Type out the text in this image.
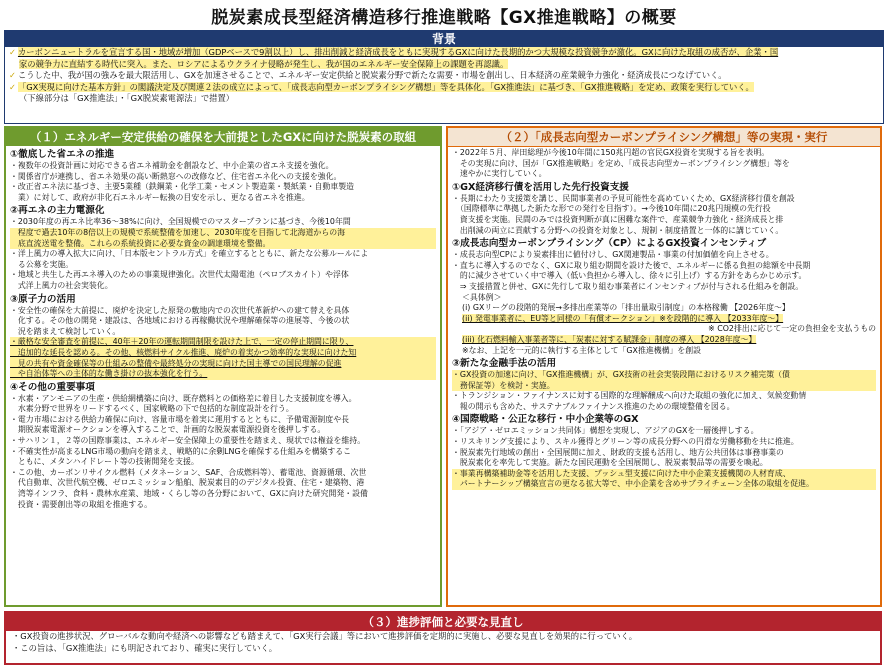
脱炭素成長型経済構造移行推進戦略【GX推進戦略】の概要
背景
✓ カーボンニュートラルを宣言する国・地域が増加（GDPベースで9割以上）し、排出削減と経済成長をともに実現するGXに向けた長期的かつ大規模な投資競争が激化。GXに向けた取組の成否が、企業・国
家の競争力に直結する時代に突入。また、ロシアによるウクライナ侵略が発生し、我が国のエネルギー安全保障上の課題を再認識。
✓ こうした中、我が国の強みを最大限活用し、GXを加速させることで、エネルギー安定供給と脱炭素分野で新たな需要・市場を創出し、日本経済の産業競争力強化・経済成長につなげていく。
✓ 「GX実現に向けた基本方針」の閣議決定及び関連２法の成立によって、「成長志向型カーボンプライシング構想」等を具体化。「GX推進法」に基づき、「GX推進戦略」を定め、政策を実行していく。
（下線部分は「GX推進法」・「GX脱炭素電源法」で措置）
（１）エネルギー安定供給の確保を大前提としたGXに向けた脱炭素の取組
①徹底した省エネの推進
・複数年の投資計画に対応できる省エネ補助金を創設など、中小企業の省エネ支援を強化。
・関係省庁が連携し、省エネ効果の高い断熱窓への改修など、住宅省エネ化への支援を強化。
・改正省エネ法に基づき、主要5業種（鉄鋼業・化学工業・セメント製造業・製紙業・自動車製造
　業）に対して、政府が非化石エネルギー転換の目安を示し、更なる省エネを推進。
②再エネの主力電源化
・2030年度の再エネ比率36～38%に向け、全国規模でのマスタープランに基づき、今後10年間
　程度で過去10年の8倍以上の規模で系統整備を加速し、2030年度を目指して北海道からの海
　底直流送電を整備。これらの系統投資に必要な資金の調達環境を整備。
・洋上風力の導入拡大に向け、「日本版セントラル方式」を確立するとともに、新たな公募ルールによ
　る公募を実施。
・地域と共生した再エネ導入のための事業規律強化。次世代太陽電池（ペロブスカイト）や浮体
　式洋上風力の社会実装化。
③原子力の活用
・安全性の確保を大前提に、廃炉を決定した原発の敷地内での次世代革新炉への建て替えを具体
　化する。その他の開発・建設は、各地域における再稼働状況や理解確保等の進展等、今後の状
　況を踏まえて検討していく。
・厳格な安全審査を前提に、40年＋20年の運転期間制限を設けた上で、一定の停止期間に限り、
　追加的な延長を認める。その他、核燃料サイクル推進、廃炉の着実かつ効率的な実現に向けた知
　見の共有や資金確保等の仕組みの整備や最終処分の実現に向けた国主導での国民理解の促進
　や自治体等への主体的な働き掛けの抜本強化を行う。
④その他の重要事項
・水素・アンモニアの生産・供給網構築に向け、既存燃料との価格差に着目した支援制度を導入。
　水素分野で世界をリードするべく、国家戦略の下で包括的な制度設計を行う。
・電力市場における供給力確保に向け、容量市場を着実に運用するとともに、予備電源制度や長
　期脱炭素電源オークションを導入することで、計画的な脱炭素電源投資を後押しする。
・サハリン１，２等の国際事業は、エネルギー安全保障上の重要性を踏まえ、現状では権益を維持。
・不確実性が高まるLNG市場の動向を踏まえ、戦略的に余剰LNGを確保する仕組みを構築するこ
　ともに、メタンハイドレート等の技術開発を支援。
・この他、カーボンリサイクル燃料（メタネーション、SAF、合成燃料等）、蓄電池、資源循環、次世
　代自動車、次世代航空機、ゼロエミッション船舶、脱炭素目的のデジタル投資、住宅・建築物、港
　湾等インフラ、食料・農林水産業、地域・くらし等の各分野において、GXに向けた研究開発・設備
　投資・需要創出等の取組を推進する。
（２）「成長志向型カーボンプライシング構想」等の実現・実行
・2022年５月、岸田総理が今後10年間に150兆円超の官民GX投資を実現する旨を表明。
　その実現に向け、国が「GX推進戦略」を定め、「成長志向型カーボンプライシング構想」等を
　速やかに実行していく。
①GX経済移行債を活用した先行投資支援
・長期にわたり支援策を講じ、民間事業者の予見可能性を高めていくため、GX経済移行債を創設
　（国際標準に準拠した新たな形での発行を目指す）。→今後10年間に20兆円規模の先行投
　資支援を実施。民間のみでは投資判断が真に困難な案件で、産業競争力強化・経済成長と排
　出削減の両立に貢献する分野への投資を対象とし、規制・制度措置と一体的に講じていく。
②成長志向型カーボンプライシング（CP）によるGX投資インセンティブ
・成長志向型CPにより炭素排出に値付けし、GX関連製品・事業の付加価値を向上させる。
・直ちに導入するのでなく、GXに取り組む期間を設けた後で、エネルギーに係る負担の総額を中長期
　的に減少させていく中で導入（低い負担から導入し、徐々に引上げ）する方針をあらかじめ示す。
　⇒ 支援措置と併せ、GXに先行して取り組む事業者にインセンティブが付与される仕組みを創設。
＜具体例＞
(i) GXリーグの段階的発展→多排出産業等の「排出量取引制度」の本格稼働 【2026年度～】
(ii) 発電事業者に、EU等と同様の「有償オークション」※を段階的に導入 【2033年度～】
※ CO2排出に応じて一定の負担金を支払うもの
(iii) 化石燃料輸入事業者等に、「炭素に対する賦課金」制度の導入 【2028年度～】
※なお、上記を一元的に執行する主体として「GX推進機構」を創設
③新たな金融手法の活用
・GX投資の加速に向け、「GX推進機構」が、GX技術の社会実装段階におけるリスク補完策（債
　務保証等）を検討・実施。
・トランジション・ファイナンスに対する国際的な理解醸成へ向けた取組の強化に加え、気候変動情
　報の開示も含めた、サステナブルファイナンス推進のための環境整備を図る。
④国際戦略・公正な移行・中小企業等のGX
・「アジア・ゼロエミッション共同体」構想を実現し、アジアのGXを一層後押しする。
・リスキリング支援により、スキル獲得とグリーン等の成長分野への円滑な労働移動を共に推進。
・脱炭素先行地域の創出・全国展開に加え、財政的支援も活用し、地方公共団体は事務事業の
　脱炭素化を率先して実施。新たな国民運動を全国展開し、脱炭素製品等の需要を喚起。
・事業再構築補助金等を活用した支援、プッシュ型支援に向けた中小企業支援機関の人材育成、
　パートナーシップ構築宣言の更なる拡大等で、中小企業を含めサプライチェーン全体の取組を促進。
（３）進捗評価と必要な見直し
・GX投資の進捗状況、グローバルな動向や経済への影響なども踏まえて、「GX実行会議」等において進捗評価を定期的に実施し、必要な見直しを効果的に行っていく。
・この旨は、「GX推進法」にも明記されており、確実に実行していく。
